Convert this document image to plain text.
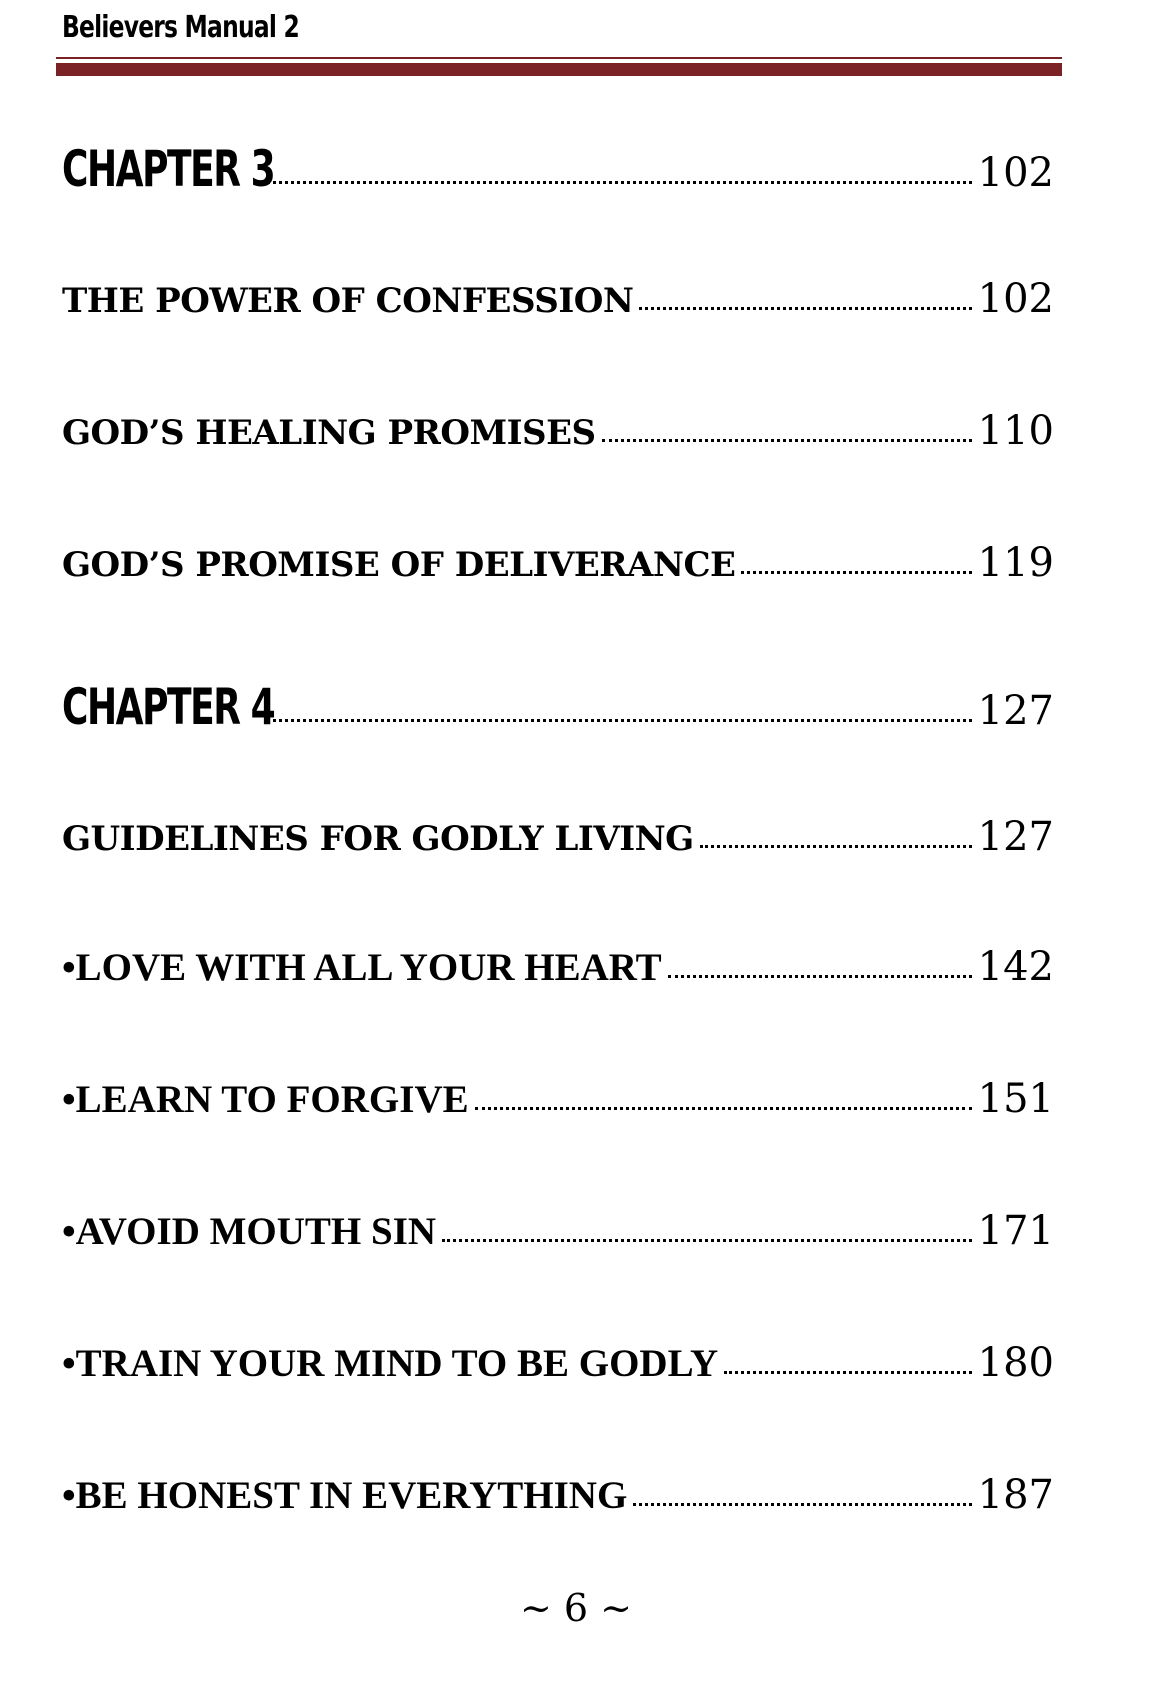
Believers Manual 2
CHAPTER 3	102
THE POWER OF CONFESSION	102
GOD’S HEALING PROMISES	110
GOD’S PROMISE OF DELIVERANCE	119
CHAPTER 4	127
GUIDELINES FOR GODLY LIVING	127
•LOVE WITH ALL YOUR HEART	142
•LEARN TO FORGIVE	151
•AVOID MOUTH SIN	171
•TRAIN YOUR MIND TO BE GODLY	180
•BE HONEST IN EVERYTHING	187
~ 6 ~
